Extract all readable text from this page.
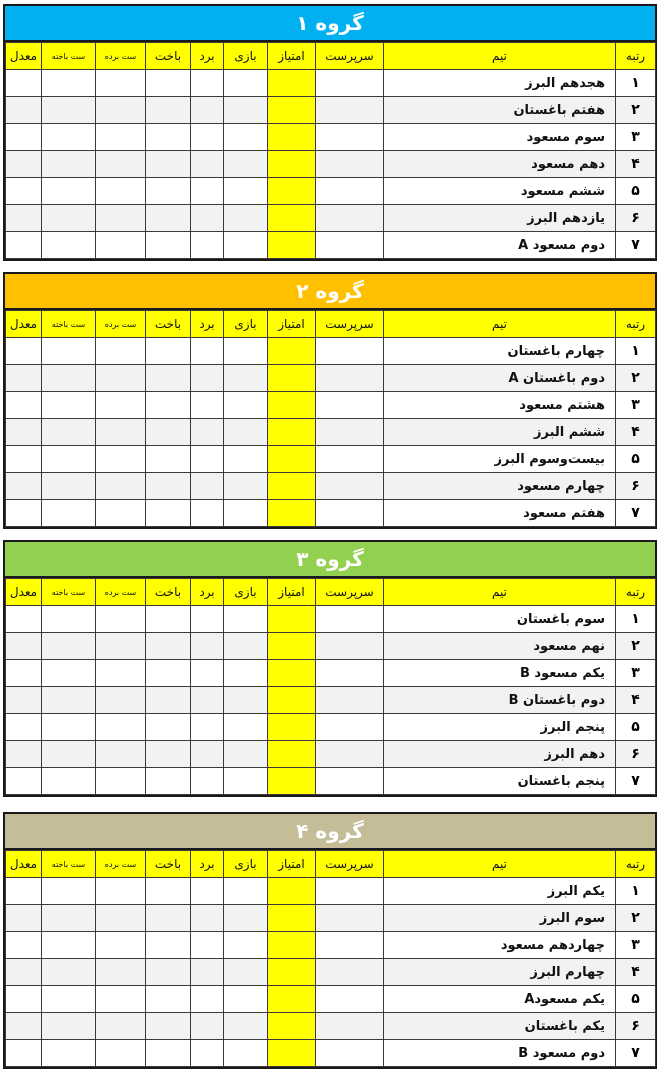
گروه ۱
رتبه	تیم	سرپرست	امتیاز	بازی	برد	باخت	ست برده	ست باخته	معدل
۱	هجدهم البرز								
۲	هفتم باغستان								
۳	سوم مسعود								
۴	دهم مسعود								
۵	ششم مسعود								
۶	یازدهم البرز								
۷	دوم مسعود A								
گروه ۲
رتبه	تیم	سرپرست	امتیاز	بازی	برد	باخت	ست برده	ست باخته	معدل
۱	چهارم باغستان								
۲	دوم باغستان A								
۳	هشتم مسعود								
۴	ششم البرز								
۵	بیست‌وسوم البرز								
۶	چهارم مسعود								
۷	هفتم مسعود								
گروه ۳
رتبه	تیم	سرپرست	امتیاز	بازی	برد	باخت	ست برده	ست باخته	معدل
۱	سوم باغستان								
۲	نهم مسعود								
۳	یکم مسعود B								
۴	دوم باغستان B								
۵	پنجم البرز								
۶	دهم البرز								
۷	پنجم باغستان								
گروه ۴
رتبه	تیم	سرپرست	امتیاز	بازی	برد	باخت	ست برده	ست باخته	معدل
۱	یکم البرز								
۲	سوم البرز								
۳	چهاردهم مسعود								
۴	چهارم البرز								
۵	یکم مسعودA								
۶	یکم باغستان								
۷	دوم مسعود B								
